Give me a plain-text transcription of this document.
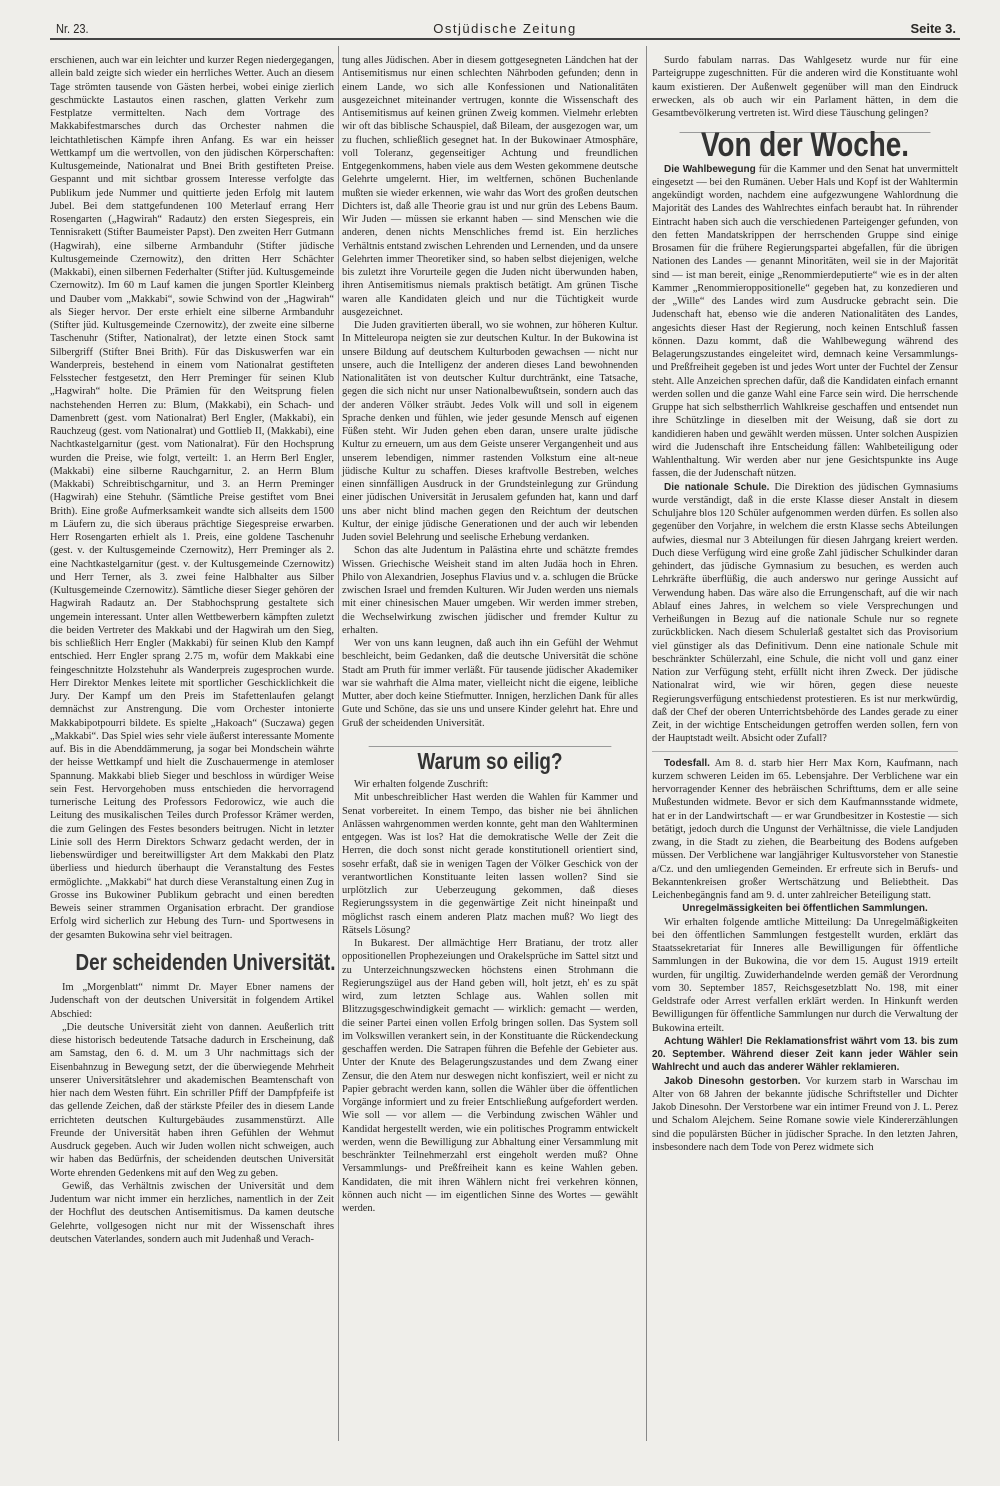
Nr. 23.	Ostjüdische Zeitung	Seite 3.

erschienen, auch war ein leichter und kurzer Regen niedergegangen, allein bald zeigte sich wieder ein herrliches Wetter. Auch an diesem Tage strömten tausende von Gästen herbei, wobei einige zierlich geschmückte Lastautos einen raschen, glatten Verkehr zum Festplatze vermittelten. Nach dem Vortrage des Makkabifestmarsches durch das Orchester nahmen die leichtathletischen Kämpfe ihren Anfang. Es war ein heisser Wettkampf um die wertvollen, von den jüdischen Körperschaften: Kultusgemeinde, Nationalrat und Bnei Brith gestifteten Preise. Gespannt und mit sichtbar grossem Interesse verfolgte das Publikum jede Nummer und quittierte jeden Erfolg mit lautem Jubel. Bei dem stattgefundenen 100 Meterlauf errang Herr Rosengarten („Hagwirah“ Radautz) den ersten Siegespreis, ein Tennisrakett (Stifter Baumeister Papst). Den zweiten Herr Gutmann (Hagwirah), eine silberne Armbanduhr (Stifter jüdische Kultusgemeinde Czernowitz), den dritten Herr Schächter (Makkabi), einen silbernen Federhalter (Stifter jüd. Kultusgemeinde Czernowitz). Im 60 m Lauf kamen die jungen Sportler Kleinberg und Dauber vom „Makkabi“, sowie Schwind von der „Hagwirah“ als Sieger hervor. Der erste erhielt eine silberne Armbanduhr (Stifter jüd. Kultusgemeinde Czernowitz), der zweite eine silberne Taschenuhr (Stifter, Nationalrat), der letzte einen Stock samt Silbergriff (Stifter Bnei Brith). Für das Diskuswerfen war ein Wanderpreis, bestehend in einem vom Nationalrat gestifteten Felsstecher festgesetzt, den Herr Preminger für seinen Klub „Hagwirah“ holte. Die Prämien für den Weitsprung fielen nachstehenden Herren zu: Blum, (Makkabi), ein Schach- und Damenbrett (gest. vom Nationalrat) Berl Engler, (Makkabi), ein Rauchzeug (gest. vom Nationalrat) und Gottlieb II, (Makkabi), eine Nachtkastelgarnitur (gest. vom Nationalrat). Für den Hochsprung wurden die Preise, wie folgt, verteilt: 1. an Herrn Berl Engler, (Makkabi) eine silberne Rauchgarnitur, 2. an Herrn Blum (Makkabi) Schreibtischgarnitur, und 3. an Herrn Preminger (Hagwirah) eine Stehuhr. (Sämtliche Preise gestiftet vom Bnei Brith). Eine große Aufmerksamkeit wandte sich allseits dem 1500 m Läufern zu, die sich überaus prächtige Siegespreise erwarben. Herr Rosengarten erhielt als 1. Preis, eine goldene Taschenuhr (gest. v. der Kultusgemeinde Czernowitz), Herr Preminger als 2. eine Nachtkastelgarnitur (gest. v. der Kultusgemeinde Czernowitz) und Herr Terner, als 3. zwei feine Halbhalter aus Silber (Kultusgemeinde Czernowitz). Sämtliche dieser Sieger gehören der Hagwirah Radautz an. Der Stabhochsprung gestaltete sich ungemein interessant. Unter allen Wettbewerbern kämpften zuletzt die beiden Vertreter des Makkabi und der Hagwirah um den Sieg, bis schließlich Herr Engler (Makkabi) für seinen Klub den Kampf entschied. Herr Engler sprang 2.75 m, wofür dem Makkabi eine feingeschnitzte Holzstehuhr als Wanderpreis zugesprochen wurde. Herr Direktor Menkes leitete mit sportlicher Geschicklichkeit die Jury. Der Kampf um den Preis im Stafettenlaufen gelangt demnächst zur Anstrengung. Die vom Orchester intonierte Makkabipotpourri bildete. Es spielte „Hakoach“ (Suczawa) gegen „Makkabi“. Das Spiel wies sehr viele äußerst interessante Momente auf. Bis in die Abenddämmerung, ja sogar bei Mondschein währte der heisse Wettkampf und hielt die Zuschauermenge in atemloser Spannung. Makkabi blieb Sieger und beschloss in würdiger Weise sein Fest. Hervorgehoben muss entschieden die hervorragend turnerische Leitung des Professors Fedorowicz, wie auch die Leitung des musikalischen Teiles durch Professor Krämer werden, die zum Gelingen des Festes besonders beitrugen. Nicht in letzter Linie soll des Herrn Direktors Schwarz gedacht werden, der in liebenswürdiger und bereitwilligster Art dem Makkabi den Platz überliess und hiedurch überhaupt die Veranstaltung des Festes ermöglichte. „Makkabi“ hat durch diese Veranstaltung einen Zug in Grosse ins Bukowiner Publikum gebracht und einen beredten Beweis seiner strammen Organisation erbracht. Der grandiose Erfolg wird sicherlich zur Hebung des Turn- und Sportwesens in der gesamten Bukowina sehr viel beitragen.

Der scheidenden Universität.

Im „Morgenblatt“ nimmt Dr. Mayer Ebner namens der Judenschaft von der deutschen Universität in folgendem Artikel Abschied:

„Die deutsche Universität zieht von dannen. Aeußerlich tritt diese historisch bedeutende Tatsache dadurch in Erscheinung, daß am Samstag, den 6. d. M. um 3 Uhr nachmittags sich der Eisenbahnzug in Bewegung setzt, der die überwiegende Mehrheit unserer Universitätslehrer und akademischen Beamtenschaft von hier nach dem Westen führt. Ein schriller Pfiff der Dampfpfeife ist das gellende Zeichen, daß der stärkste Pfeiler des in diesem Lande errichteten deutschen Kulturgebäudes zusammenstürzt. Alle Freunde der Universität haben ihren Gefühlen der Wehmut Ausdruck gegeben. Auch wir Juden wollen nicht schweigen, auch wir haben das Bedürfnis, der scheidenden deutschen Universität Worte ehrenden Gedenkens mit auf den Weg zu geben.

Gewiß, das Verhältnis zwischen der Universität und dem Judentum war nicht immer ein herzliches, namentlich in der Zeit der Hochflut des deutschen Antisemitismus. Da kamen deutsche Gelehrte, vollgesogen nicht nur mit der Wissenschaft ihres deutschen Vaterlandes, sondern auch mit Judenhaß und Verach-

tung alles Jüdischen. Aber in diesem gottgesegneten Ländchen hat der Antisemitismus nur einen schlechten Nährboden gefunden; denn in einem Lande, wo sich alle Konfessionen und Nationalitäten ausgezeichnet miteinander vertrugen, konnte die Wissenschaft des Antisemitismus auf keinen grünen Zweig kommen. Vielmehr erlebten wir oft das biblische Schauspiel, daß Bileam, der ausgezogen war, um zu fluchen, schließlich gesegnet hat. In der Bukowinaer Atmosphäre, voll Toleranz, gegenseitiger Achtung und freundlichen Entgegenkommens, haben viele aus dem Westen gekommene deutsche Gelehrte umgelernt. Hier, im weltfernen, schönen Buchenlande mußten sie wieder erkennen, wie wahr das Wort des großen deutschen Dichters ist, daß alle Theorie grau ist und nur grün des Lebens Baum. Wir Juden — müssen sie erkannt haben — sind Menschen wie die anderen, denen nichts Menschliches fremd ist. Ein herzliches Verhältnis entstand zwischen Lehrenden und Lernenden, und da unsere Gelehrten immer Theoretiker sind, so haben selbst diejenigen, welche bis zuletzt ihre Vorurteile gegen die Juden nicht überwunden haben, ihren Antisemitismus niemals praktisch betätigt. Am grünen Tische waren alle Kandidaten gleich und nur die Tüchtigkeit wurde ausgezeichnet.

Die Juden gravitierten überall, wo sie wohnen, zur höheren Kultur. In Mitteleuropa neigten sie zur deutschen Kultur. In der Bukowina ist unsere Bildung auf deutschem Kulturboden gewachsen — nicht nur unsere, auch die Intelligenz der anderen dieses Land bewohnenden Nationalitäten ist von deutscher Kultur durchtränkt, eine Tatsache, gegen die sich nicht nur unser Nationalbewußtsein, sondern auch das der anderen Völker sträubt. Jedes Volk will und soll in eigenem Sprache denken und fühlen, wie jeder gesunde Mensch auf eigenen Füßen steht. Wir Juden gehen eben daran, unsere uralte jüdische Kultur zu erneuern, um aus dem Geiste unserer Vergangenheit und aus unserem lebendigen, nimmer rastenden Volkstum eine alt-neue jüdische Kultur zu schaffen. Dieses kraftvolle Bestreben, welches einen sinnfälligen Ausdruck in der Grundsteinlegung zur Gründung einer jüdischen Universität in Jerusalem gefunden hat, kann und darf uns aber nicht blind machen gegen den Reichtum der deutschen Kultur, der einige jüdische Generationen und der auch wir lebenden Juden soviel Belehrung und seelische Erhebung verdanken.

Schon das alte Judentum in Palästina ehrte und schätzte fremdes Wissen. Griechische Weisheit stand im alten Judäa hoch in Ehren. Philo von Alexandrien, Josephus Flavius und v. a. schlugen die Brücke zwischen Israel und fremden Kulturen. Wir Juden werden uns niemals mit einer chinesischen Mauer umgeben. Wir werden immer streben, die Wechselwirkung zwischen jüdischer und fremder Kultur zu erhalten.

Wer von uns kann leugnen, daß auch ihn ein Gefühl der Wehmut beschleicht, beim Gedanken, daß die deutsche Universität die schöne Stadt am Pruth für immer verläßt. Für tausende jüdischer Akademiker war sie wahrhaft die Alma mater, vielleicht nicht die eigene, leibliche Mutter, aber doch keine Stiefmutter. Innigen, herzlichen Dank für alles Gute und Schöne, das sie uns und unsere Kinder gelehrt hat. Ehre und Gruß der scheidenden Universität.

Warum so eilig?

Wir erhalten folgende Zuschrift:

Mit unbeschreiblicher Hast werden die Wahlen für Kammer und Senat vorbereitet. In einem Tempo, das bisher nie bei ähnlichen Anlässen wahrgenommen werden konnte, geht man den Wahlterminen entgegen. Was ist los? Hat die demokratische Welle der Zeit die Herren, die doch sonst nicht gerade konstitutionell orientiert sind, sosehr erfaßt, daß sie in wenigen Tagen der Völker Geschick von der verantwortlichen Konstituante leiten lassen wollen? Sind sie urplötzlich zur Ueberzeugung gekommen, daß dieses Regierungssystem in die gegenwärtige Zeit nicht hineinpaßt und möglichst rasch einem anderen Platz machen muß? Wo liegt des Rätsels Lösung?

In Bukarest. Der allmächtige Herr Bratianu, der trotz aller oppositionellen Prophezeiungen und Orakelsprüche im Sattel sitzt und zu Unterzeichnungszwecken höchstens einen Strohmann die Regierungszügel aus der Hand geben will, holt jetzt, eh' es zu spät wird, zum letzten Schlage aus. Wahlen sollen mit Blitzzugsgeschwindigkeit gemacht — wirklich: gemacht — werden, die seiner Partei einen vollen Erfolg bringen sollen. Das System soll im Volkswillen verankert sein, in der Konstituante die Rückendeckung geschaffen werden. Die Satrapen führen die Befehle der Gebieter aus. Unter der Knute des Belagerungszustandes und dem Zwang einer Zensur, die den Atem nur deswegen nicht konfisziert, weil er nicht zu Papier gebracht werden kann, sollen die Wähler über die öffentlichen Vorgänge informiert und zu freier Entschließung aufgefordert werden. Wie soll — vor allem — die Verbindung zwischen Wähler und Kandidat hergestellt werden, wie ein politisches Programm entwickelt werden, wenn die Bewilligung zur Abhaltung einer Versammlung mit beschränkter Teilnehmerzahl erst eingeholt werden muß? Ohne Versammlungs- und Preßfreiheit kann es keine Wahlen geben. Kandidaten, die mit ihren Wählern nicht frei verkehren können, können auch nicht — im eigentlichen Sinne des Wortes — gewählt werden.

Surdo fabulam narras. Das Wahlgesetz wurde nur für eine Parteigruppe zugeschnitten. Für die anderen wird die Konstituante wohl kaum existieren. Der Außenwelt gegenüber will man den Eindruck erwecken, als ob auch wir ein Parlament hätten, in dem die Gesamtbevölkerung vertreten ist. Wird diese Täuschung gelingen?

Von der Woche.

Die Wahlbewegung für die Kammer und den Senat hat unvermittelt eingesetzt — bei den Rumänen. Ueber Hals und Kopf ist der Wahltermin angekündigt worden, nachdem eine aufgezwungene Wahlordnung die Majorität des Landes des Wahlrechtes einfach beraubt hat. In rührender Eintracht haben sich auch die verschiedenen Parteigenger gefunden, von den fetten Mandatskrippen der herrschenden Gruppe sind einige Brosamen für die frühere Regierungspartei abgefallen, für die übrigen Nationen des Landes — genannt Minoritäten, weil sie in der Majorität sind — ist man bereit, einige „Renommierdeputierte“ wie es in der alten Kammer „Renommieroppositionelle“ gegeben hat, zu konzedieren und der „Wille“ des Landes wird zum Ausdrucke gebracht sein. Die Judenschaft hat, ebenso wie die anderen Nationalitäten des Landes, angesichts dieser Hast der Regierung, noch keinen Entschluß fassen können. Dazu kommt, daß die Wahlbewegung während des Belagerungszustandes eingeleitet wird, demnach keine Versammlungs- und Preßfreiheit gegeben ist und jedes Wort unter der Fuchtel der Zensur steht. Alle Anzeichen sprechen dafür, daß die Kandidaten einfach ernannt werden sollen und die ganze Wahl eine Farce sein wird. Die herrschende Gruppe hat sich selbstherrlich Wahlkreise geschaffen und entsendet nun ihre Schützlinge in dieselben mit der Weisung, daß sie dort zu kandidieren haben und gewählt werden müssen. Unter solchen Auspizien wird die Judenschaft ihre Entscheidung fällen: Wahlbeteiligung oder Wahlenthaltung. Wir werden aber nur jene Gesichtspunkte ins Auge fassen, die der Judenschaft nützen.

Die nationale Schule. Die Direktion des jüdischen Gymnasiums wurde verständigt, daß in die erste Klasse dieser Anstalt in diesem Schuljahre blos 120 Schüler aufgenommen werden dürfen. Es sollen also gegenüber den Vorjahre, in welchem die erstn Klasse sechs Abteilungen aufwies, diesmal nur 3 Abteilungen für diesen Jahrgang kreiert werden. Duch diese Verfügung wird eine große Zahl jüdischer Schulkinder daran gehindert, das jüdische Gymnasium zu besuchen, es werden auch Lehrkräfte überflüßig, die auch anderswo nur geringe Aussicht auf Verwendung haben. Das wäre also die Errungenschaft, auf die wir nach Ablauf eines Jahres, in welchem so viele Versprechungen und Verheißungen in Bezug auf die nationale Schule nur so regnete zurückblicken. Nach diesem Schulerlaß gestaltet sich das Provisorium viel günstiger als das Definitivum. Denn eine nationale Schule mit beschränkter Schülerzahl, eine Schule, die nicht voll und ganz einer Nation zur Verfügung steht, erfüllt nicht ihren Zweck. Der jüdische Nationalrat wird, wie wir hören, gegen diese neueste Regierungsverfügung entschiedenst protestieren. Es ist nur merkwürdig, daß der Chef der oberen Unterrichtsbehörde des Landes gerade zu einer Zeit, in der wichtige Entscheidungen getroffen werden sollen, fern von der Hauptstadt weilt. Absicht oder Zufall?

Todesfall. Am 8. d. starb hier Herr Max Korn, Kaufmann, nach kurzem schweren Leiden im 65. Lebensjahre. Der Verblichene war ein hervorragender Kenner des hebräischen Schrifttums, dem er alle seine Mußestunden widmete. Bevor er sich dem Kaufmannsstande widmete, hat er in der Landwirtschaft — er war Grundbesitzer in Kostestie — sich betätigt, jedoch durch die Ungunst der Verhältnisse, die viele Landjuden zwang, in die Stadt zu ziehen, die Bearbeitung des Bodens aufgeben müssen. Der Verblichene war langjähriger Kultusvorsteher von Stanestie a/Cz. und den umliegenden Gemeinden. Er erfreute sich in Berufs- und Bekanntenkreisen großer Wertschätzung und Beliebtheit. Das Leichenbegängnis fand am 9. d. unter zahlreicher Beteiligung statt.

Unregelmässigkeiten bei öffentlichen Sammlungen.

Wir erhalten folgende amtliche Mitteilung: Da Unregelmäßigkeiten bei den öffentlichen Sammlungen festgestellt wurden, erklärt das Staatssekretariat für Inneres alle Bewilligungen für öffentliche Sammlungen in der Bukowina, die vor dem 15. August 1919 erteilt wurden, für ungiltig. Zuwiderhandelnde werden gemäß der Verordnung vom 30. September 1857, Reichsgesetzblatt No. 198, mit einer Geldstrafe oder Arrest verfallen erklärt werden. In Hinkunft werden Bewilligungen für öffentliche Sammlungen nur durch die Verwaltung der Bukowina erteilt.

Achtung Wähler! Die Reklamationsfrist währt vom 13. bis zum 20. September. Während dieser Zeit kann jeder Wähler sein Wahlrecht und auch das anderer Wähler reklamieren.

Jakob Dinesohn gestorben. Vor kurzem starb in Warschau im Alter von 68 Jahren der bekannte jüdische Schriftsteller und Dichter Jakob Dinesohn. Der Verstorbene war ein intimer Freund von J. L. Perez und Schalom Alejchem. Seine Romane sowie viele Kindererzählungen sind die populärsten Bücher in jüdischer Sprache. In den letzten Jahren, insbesondere nach dem Tode von Perez widmete sich
